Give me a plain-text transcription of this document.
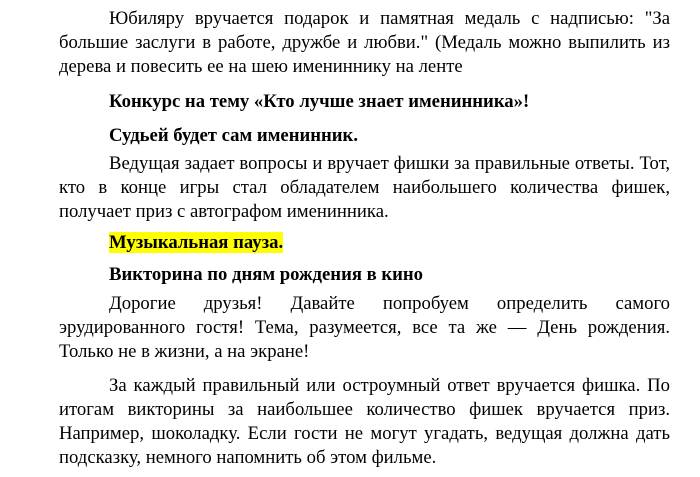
Юбиляру вручается подарок и памятная медаль с надписью: "За большие заслуги в работе, дружбе и любви." (Медаль можно выпилить из дерева и повесить ее на шею имениннику на ленте

Конкурс на тему «Кто лучше знает именинника»!

Судьей будет сам именинник.

Ведущая задает вопросы и вручает фишки за правильные ответы. Тот, кто в конце игры стал обладателем наибольшего количества фишек, получает приз с автографом именинника.

Музыкальная пауза.

Викторина по дням рождения в кино

Дорогие друзья! Давайте попробуем определить самого эрудированного гостя! Тема, разумеется, все та же — День рождения. Только не в жизни, а на экране!

За каждый правильный или остроумный ответ вручается фишка. По итогам викторины за наибольшее количество фишек вручается приз. Например, шоколадку. Если гости не могут угадать, ведущая должна дать подсказку, немного напомнить об этом фильме.
